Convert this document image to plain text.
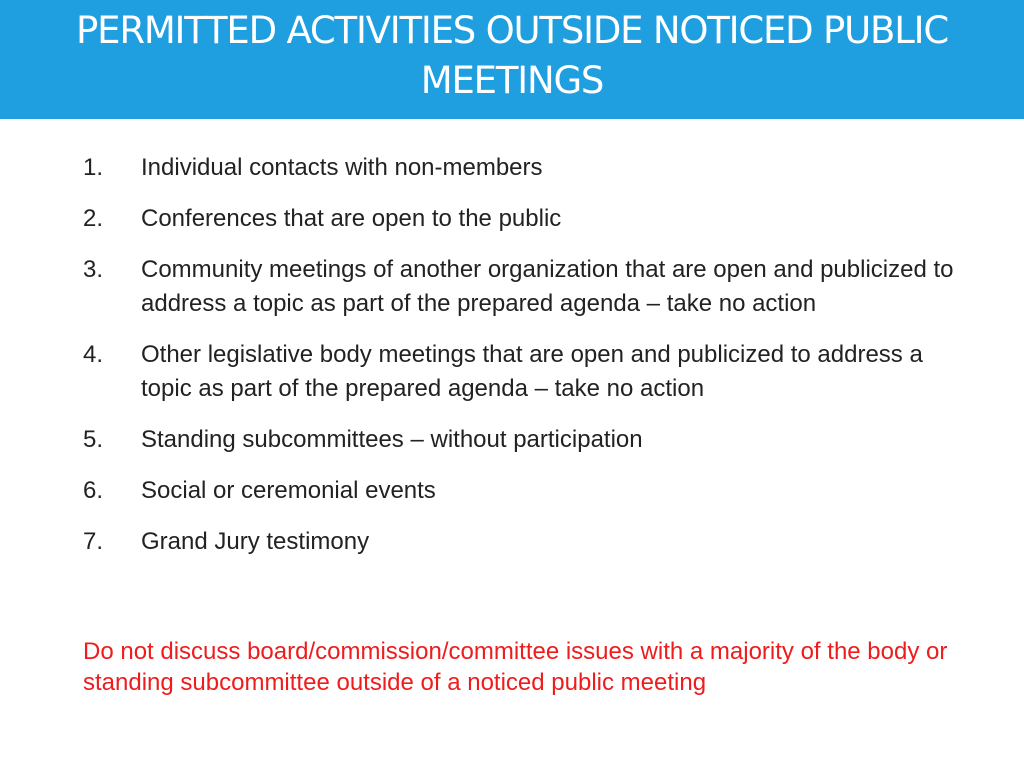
PERMITTED ACTIVITIES OUTSIDE NOTICED PUBLIC MEETINGS
1. Individual contacts with non-members
2. Conferences that are open to the public
3. Community meetings of another organization that are open and publicized to address a topic as part of the prepared agenda – take no action
4. Other legislative body meetings that are open and publicized to address a topic as part of the prepared agenda – take no action
5. Standing subcommittees – without participation
6. Social or ceremonial events
7. Grand Jury testimony

Do not discuss board/commission/committee issues with a majority of the body or standing subcommittee outside of a noticed public meeting
